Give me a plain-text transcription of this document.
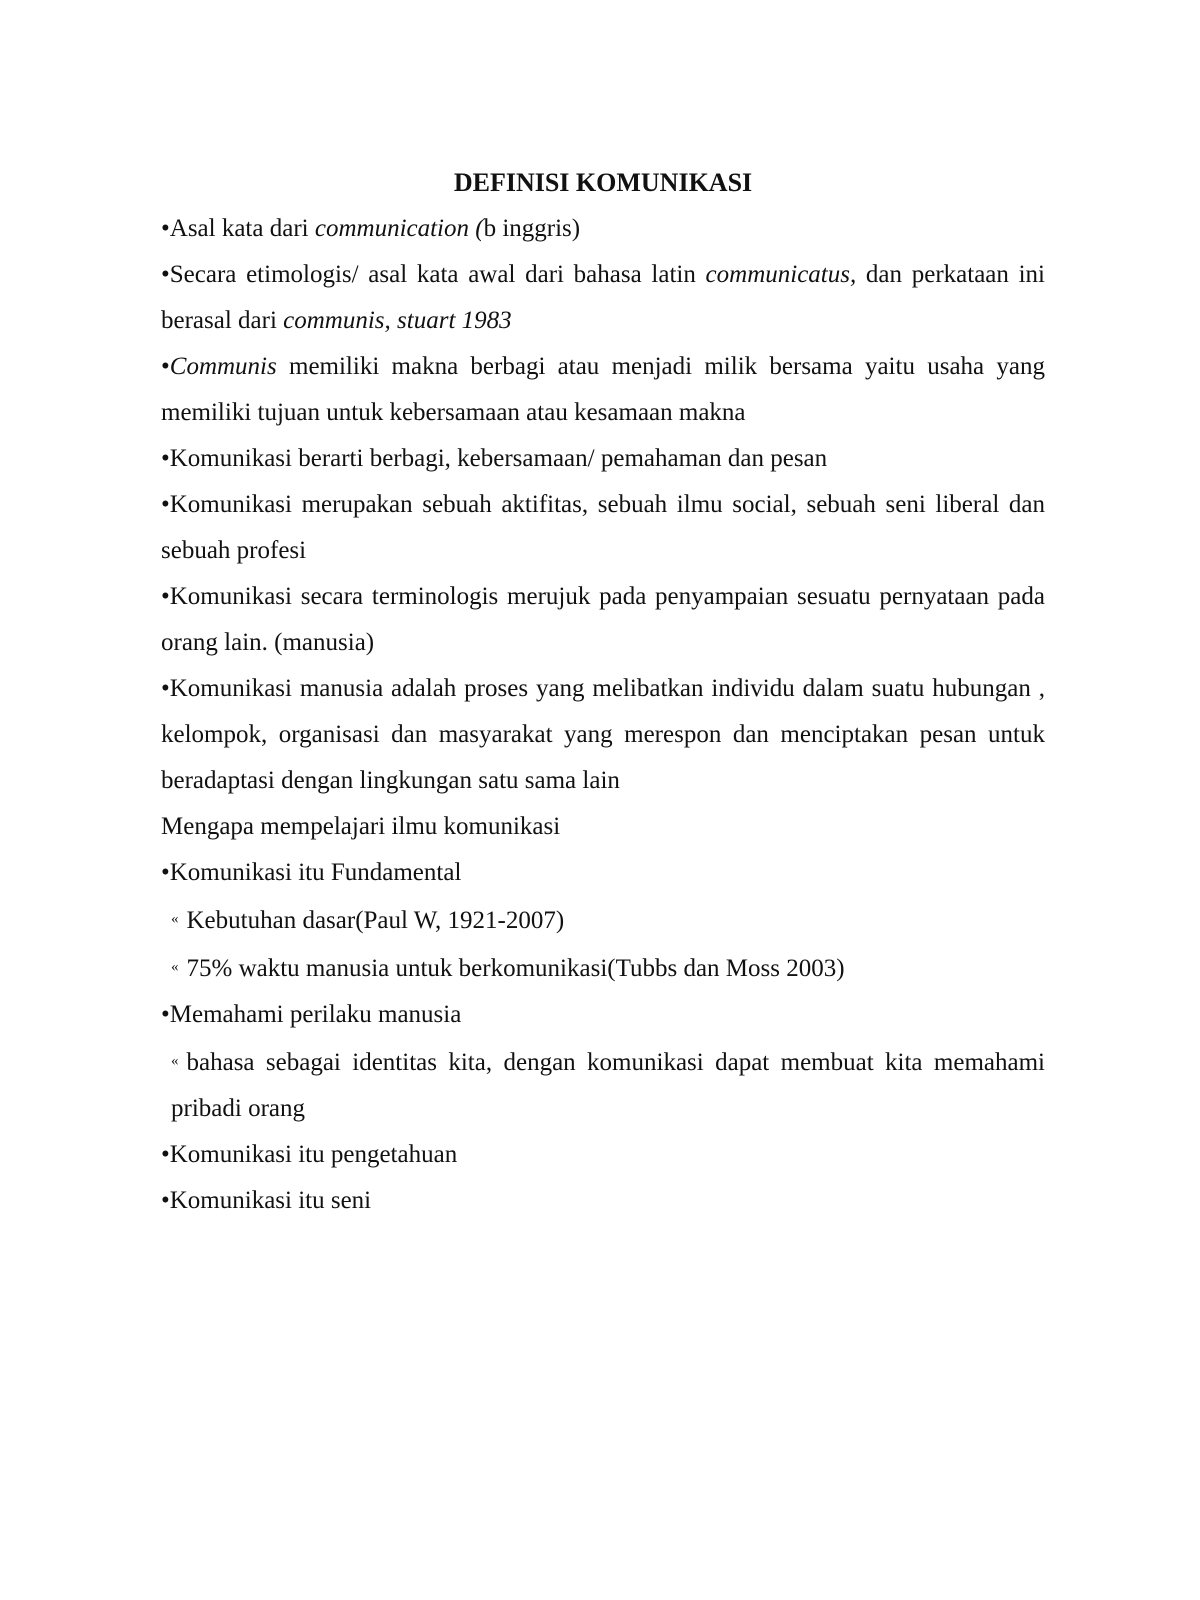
DEFINISI KOMUNIKASI

•Asal kata dari communication (b inggris)

•Secara etimologis/ asal kata awal dari bahasa latin communicatus, dan perkataan ini berasal dari communis, stuart 1983

•Communis memiliki makna berbagi atau menjadi milik bersama yaitu usaha yang memiliki tujuan untuk kebersamaan atau kesamaan makna

•Komunikasi berarti berbagi, kebersamaan/ pemahaman dan pesan

•Komunikasi merupakan sebuah aktifitas, sebuah ilmu social, sebuah seni liberal dan sebuah profesi

•Komunikasi secara terminologis merujuk pada penyampaian sesuatu pernyataan pada orang lain. (manusia)

•Komunikasi manusia adalah proses yang melibatkan individu dalam suatu hubungan , kelompok, organisasi dan masyarakat yang merespon dan menciptakan pesan untuk beradaptasi dengan lingkungan satu sama lain

Mengapa mempelajari ilmu komunikasi

•Komunikasi itu Fundamental

« Kebutuhan dasar(Paul W, 1921-2007)

« 75% waktu manusia untuk berkomunikasi(Tubbs dan Moss 2003)

•Memahami perilaku manusia

« bahasa sebagai identitas kita, dengan komunikasi dapat membuat kita memahami pribadi orang

•Komunikasi itu pengetahuan

•Komunikasi itu seni
